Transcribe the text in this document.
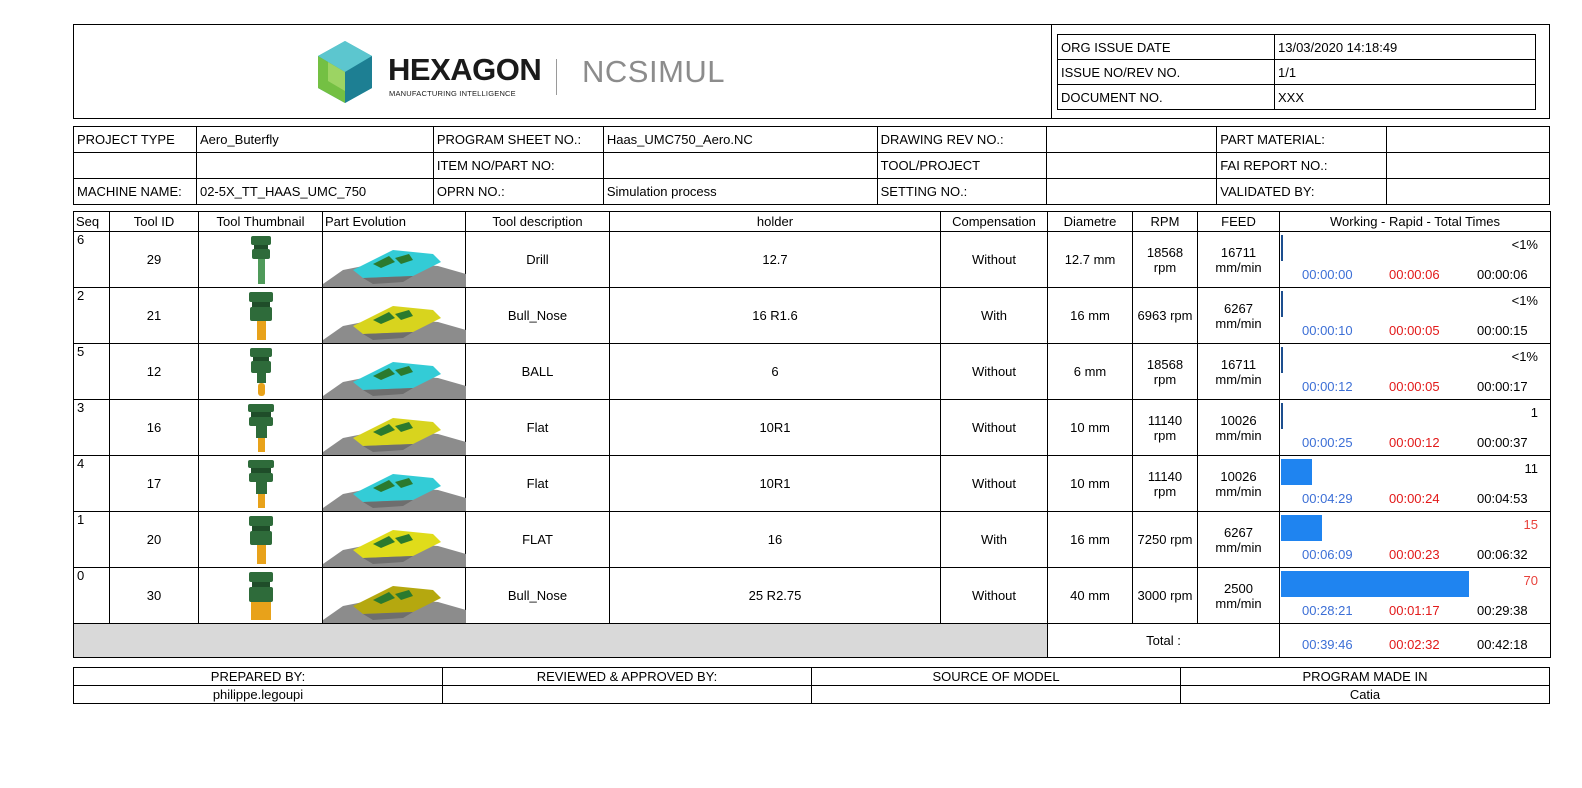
HEXAGON
MANUFACTURING INTELLIGENCE
NCSIMUL
ORG ISSUE DATE	13/03/2020 14:18:49
ISSUE NO/REV NO.	1/1
DOCUMENT NO.	XXX
PROJECT TYPE	Aero_Buterfly	PROGRAM SHEET NO.:	Haas_UMC750_Aero.NC	DRAWING REV NO.:		PART MATERIAL:	
		ITEM NO/PART NO:		TOOL/PROJECT		FAI REPORT NO.:	
MACHINE NAME:	02-5X_TT_HAAS_UMC_750	OPRN NO.:	Simulation process	SETTING NO.:		VALIDATED BY:	
Seq	Tool ID	Tool Thumbnail	Part Evolution	Tool description	holder	Compensation	Diametre	RPM	FEED	Working - Rapid - Total Times
6	29			Drill	12.7	Without	12.7 mm	18568 rpm	16711 mm/min	<1%
00:00:00 00:00:06 00:00:06

2	21			Bull_Nose	16 R1.6	With	16 mm	6963 rpm	6267 mm/min	<1%
00:00:10 00:00:05 00:00:15

5	12			BALL	6	Without	6 mm	18568 rpm	16711 mm/min	<1%
00:00:12 00:00:05 00:00:17

3	16			Flat	10R1	Without	10 mm	11140 rpm	10026 mm/min	1
00:00:25 00:00:12 00:00:37

4	17			Flat	10R1	Without	10 mm	11140 rpm	10026 mm/min	11
00:04:29 00:00:24 00:04:53

1	20			FLAT	16	With	16 mm	7250 rpm	6267 mm/min	15
00:06:09 00:00:23 00:06:32

0	30			Bull_Nose	25 R2.75	Without	40 mm	3000 rpm	2500 mm/min	70
00:28:21 00:01:17 00:29:38

							Total :			00:39:46 00:02:32 00:42:18
PREPARED BY:	REVIEWED & APPROVED BY:	SOURCE OF MODEL	PROGRAM MADE IN
philippe.legoupi			Catia
